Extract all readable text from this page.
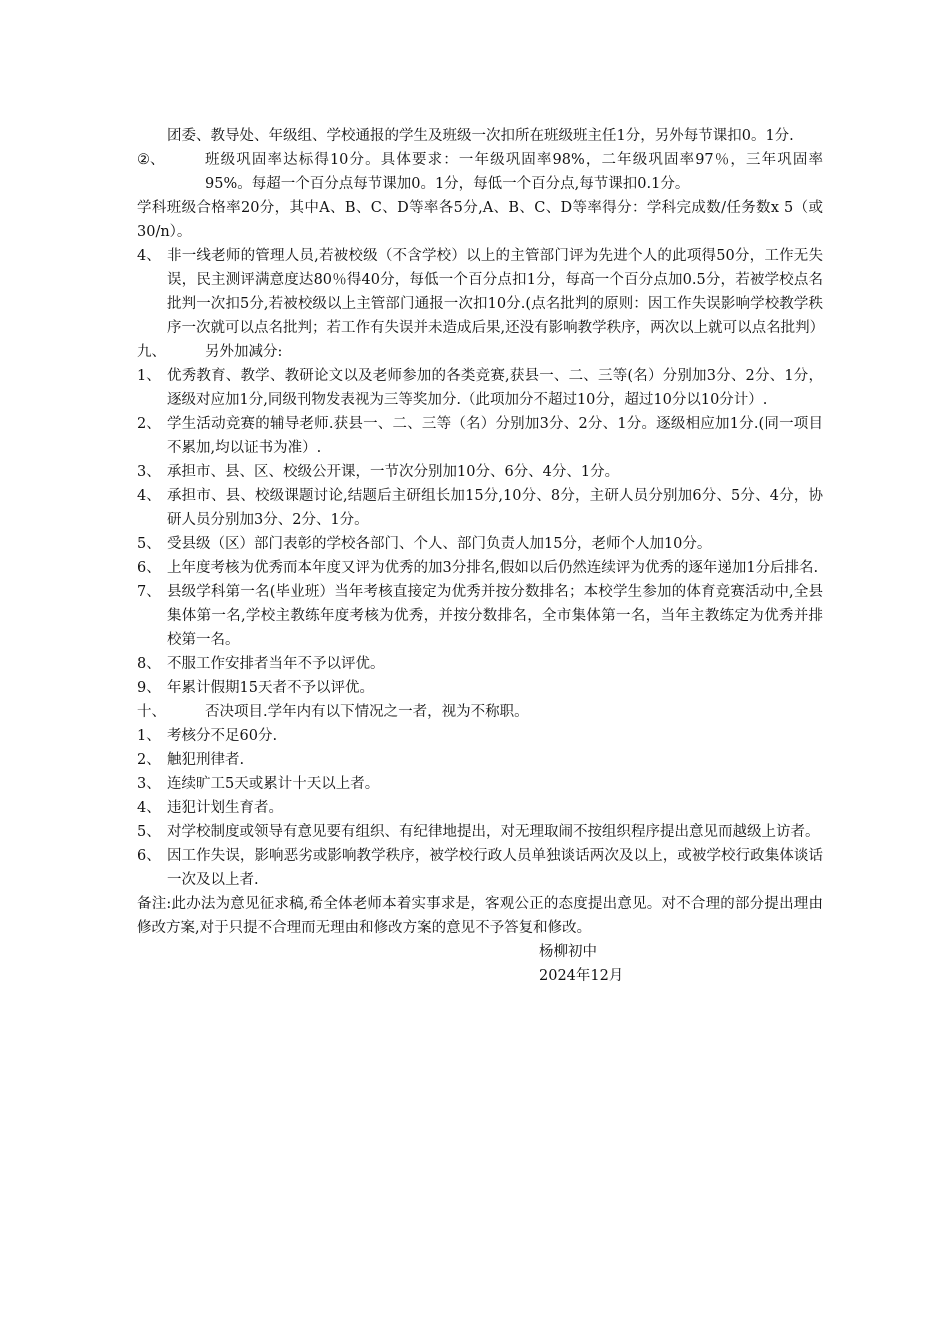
团委、教导处、年级组、学校通报的学生及班级一次扣所在班级班主任1分，另外每节课扣0。1分.
②、	班级巩固率达标得10分。具体要求：一年级巩固率98%，二年级巩固率97％，三年巩固率95%。每超一个百分点每节课加0。1分，每低一个百分点,每节课扣0.1分。
学科班级合格率20分，其中A、B、C、D等率各5分,A、B、C、D等率得分：学科完成数/任务数x 5（或30/n）。
4、 非一线老师的管理人员,若被校级（不含学校）以上的主管部门评为先进个人的此项得50分，工作无失误，民主测评满意度达80％得40分，每低一个百分点扣1分，每高一个百分点加0.5分，若被学校点名批判一次扣5分,若被校级以上主管部门通报一次扣10分.(点名批判的原则：因工作失误影响学校教学秩序一次就可以点名批判；若工作有失误并未造成后果,还没有影响教学秩序，两次以上就可以点名批判）
九、	另外加减分:
1、 优秀教育、教学、教研论文以及老师参加的各类竞赛,获县一、二、三等(名）分别加3分、2分、1分，逐级对应加1分,同级刊物发表视为三等奖加分.（此项加分不超过10分，超过10分以10分计）.
2、 学生活动竞赛的辅导老师.获县一、二、三等（名）分别加3分、2分、1分。逐级相应加1分.(同一项目不累加,均以证书为准）.
3、 承担市、县、区、校级公开课，一节次分别加10分、6分、4分、1分。
4、 承担市、县、校级课题讨论,结题后主研组长加15分,10分、8分，主研人员分别加6分、5分、4分，协研人员分别加3分、2分、1分。
5、 受县级（区）部门表彰的学校各部门、个人、部门负责人加15分，老师个人加10分。
6、 上年度考核为优秀而本年度又评为优秀的加3分排名,假如以后仍然连续评为优秀的逐年递加1分后排名.
7、 县级学科第一名(毕业班）当年考核直接定为优秀并按分数排名；本校学生参加的体育竞赛活动中,全县集体第一名,学校主教练年度考核为优秀，并按分数排名，全市集体第一名，当年主教练定为优秀并排校第一名。
8、 不服工作安排者当年不予以评优。
9、 年累计假期15天者不予以评优。
十、	否决项目.学年内有以下情况之一者，视为不称职。
1、 考核分不足60分.
2、 触犯刑律者.
3、 连续旷工5天或累计十天以上者。
4、 违犯计划生育者。
5、 对学校制度或领导有意见要有组织、有纪律地提出，对无理取闹不按组织程序提出意见而越级上访者。
6、 因工作失误，影响恶劣或影响教学秩序，被学校行政人员单独谈话两次及以上，或被学校行政集体谈话一次及以上者.
备注:此办法为意见征求稿,希全体老师本着实事求是，客观公正的态度提出意见。对不合理的部分提出理由修改方案,对于只提不合理而无理由和修改方案的意见不予答复和修改。
杨柳初中
2024年12月
